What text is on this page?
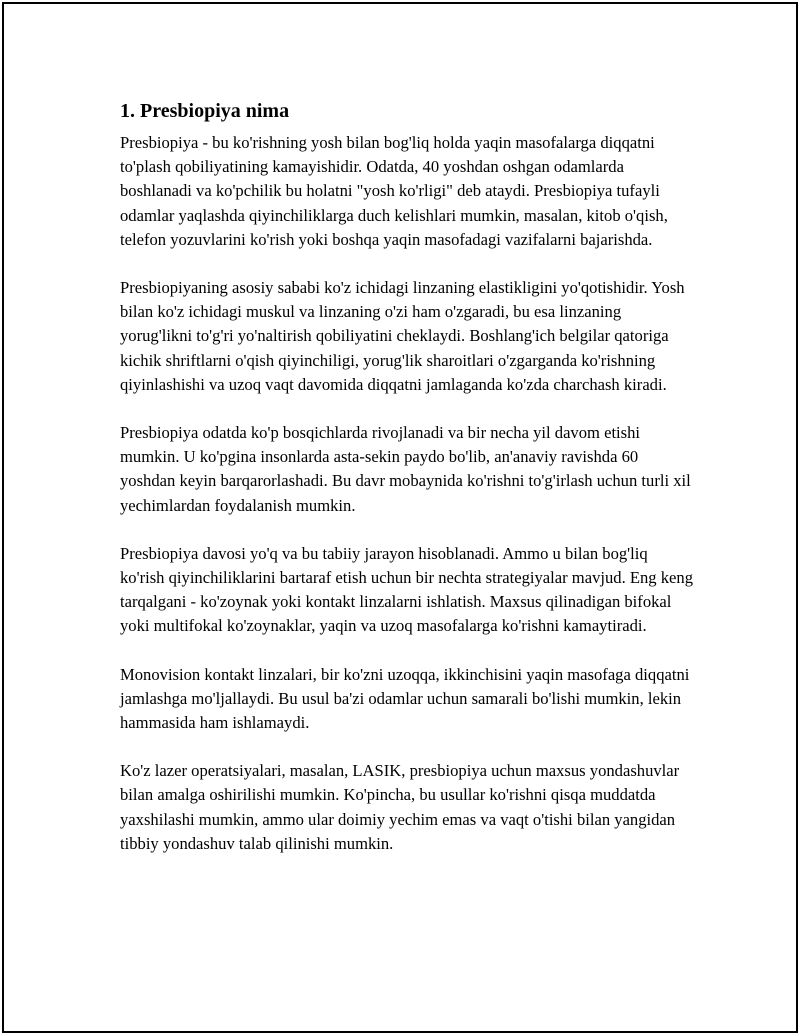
1. Presbiopiya nima

Presbiopiya - bu ko'rishning yosh bilan bog'liq holda yaqin masofalarga diqqatni to'plash qobiliyatining kamayishidir. Odatda, 40 yoshdan oshgan odamlarda boshlanadi va ko'pchilik bu holatni "yosh ko'rligi" deb ataydi. Presbiopiya tufayli odamlar yaqlashda qiyinchiliklarga duch kelishlari mumkin, masalan, kitob o'qish, telefon yozuvlarini ko'rish yoki boshqa yaqin masofadagi vazifalarni bajarishda.

Presbiopiyaning asosiy sababi ko'z ichidagi linzaning elastikligini yo'qotishidir. Yosh bilan ko'z ichidagi muskul va linzaning o'zi ham o'zgaradi, bu esa linzaning yorug'likni to'g'ri yo'naltirish qobiliyatini cheklaydi. Boshlang'ich belgilar qatoriga kichik shriftlarni o'qish qiyinchiligi, yorug'lik sharoitlari o'zgarganda ko'rishning qiyinlashishi va uzoq vaqt davomida diqqatni jamlaganda ko'zda charchash kiradi.

Presbiopiya odatda ko'p bosqichlarda rivojlanadi va bir necha yil davom etishi mumkin. U ko'pgina insonlarda asta-sekin paydo bo'lib, an'anaviy ravishda 60 yoshdan keyin barqarorlashadi. Bu davr mobaynida ko'rishni to'g'irlash uchun turli xil yechimlardan foydalanish mumkin.

Presbiopiya davosi yo'q va bu tabiiy jarayon hisoblanadi. Ammo u bilan bog'liq ko'rish qiyinchiliklarini bartaraf etish uchun bir nechta strategiyalar mavjud. Eng keng tarqalgani - ko'zoynak yoki kontakt linzalarni ishlatish. Maxsus qilinadigan bifokal yoki multifokal ko'zoynaklar, yaqin va uzoq masofalarga ko'rishni kamaytiradi.

Monovision kontakt linzalari, bir ko'zni uzoqqa, ikkinchisini yaqin masofaga diqqatni jamlashga mo'ljallaydi. Bu usul ba'zi odamlar uchun samarali bo'lishi mumkin, lekin hammasida ham ishlamaydi.

Ko'z lazer operatsiyalari, masalan, LASIK, presbiopiya uchun maxsus yondashuvlar bilan amalga oshirilishi mumkin. Ko'pincha, bu usullar ko'rishni qisqa muddatda yaxshilashi mumkin, ammo ular doimiy yechim emas va vaqt o'tishi bilan yangidan tibbiy yondashuv talab qilinishi mumkin.
